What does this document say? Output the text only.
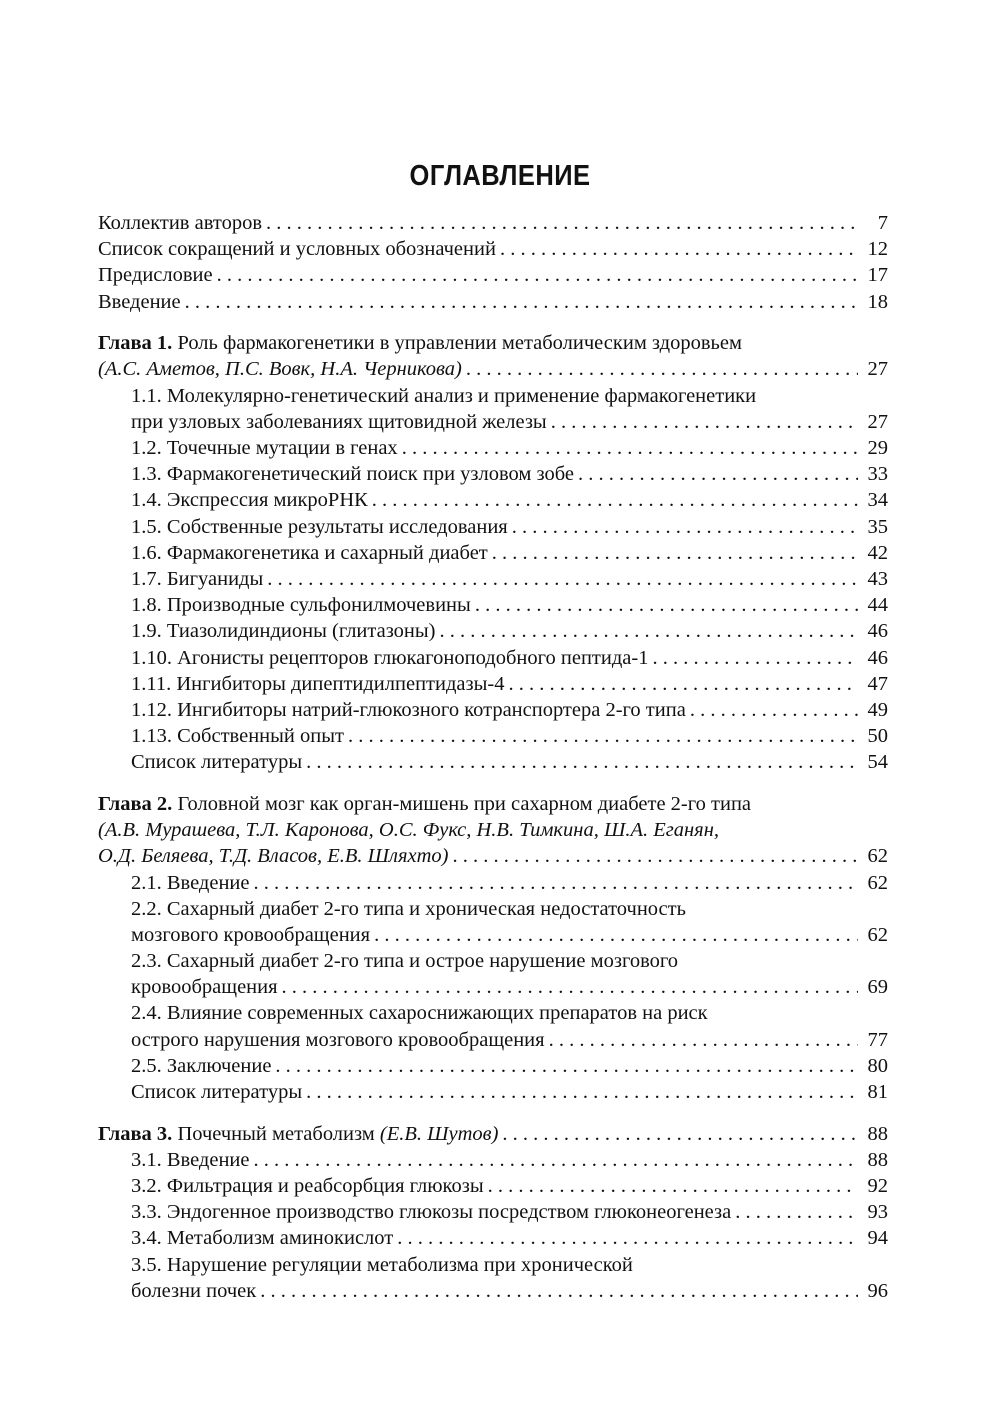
ОГЛАВЛЕНИЕ
Коллектив авторов . . .	7
Список сокращений и условных обозначений . . .	12
Предисловие . . .	17
Введение . . .	18
Глава 1. Роль фармакогенетики в управлении метаболическим здоровьем
(А.С. Аметов, П.С. Вовк, Н.А. Черникова) . . .	27
1.1. Молекулярно-генетический анализ и применение фармакогенетики
при узловых заболеваниях щитовидной железы . . .	27
1.2. Точечные мутации в генах . . .	29
1.3. Фармакогенетический поиск при узловом зобе . . .	33
1.4. Экспрессия микроРНК . . .	34
1.5. Собственные результаты исследования . . .	35
1.6. Фармакогенетика и сахарный диабет . . .	42
1.7. Бигуаниды . . .	43
1.8. Производные сульфонилмочевины . . .	44
1.9. Тиазолидиндионы (глитазоны) . . .	46
1.10. Агонисты рецепторов глюкагоноподобного пептида-1 . . .	46
1.11. Ингибиторы дипептидилпептидазы-4 . . .	47
1.12. Ингибиторы натрий-глюкозного котранспортера 2-го типа . . .	49
1.13. Собственный опыт . . .	50
Список литературы . . .	54
Глава 2. Головной мозг как орган-мишень при сахарном диабете 2-го типа
(А.В. Мурашева, Т.Л. Каронова, О.С. Фукс, Н.В. Тимкина, Ш.А. Еганян,
О.Д. Беляева, Т.Д. Власов, Е.В. Шляхто) . . .	62
2.1. Введение . . .	62
2.2. Сахарный диабет 2-го типа и хроническая недостаточность
мозгового кровообращения . . .	62
2.3. Сахарный диабет 2-го типа и острое нарушение мозгового
кровообращения . . .	69
2.4. Влияние современных сахароснижающих препаратов на риск
острого нарушения мозгового кровообращения . . .	77
2.5. Заключение . . .	80
Список литературы . . .	81
Глава 3. Почечный метаболизм (Е.В. Шутов) . . .	88
3.1. Введение . . .	88
3.2. Фильтрация и реабсорбция глюкозы . . .	92
3.3. Эндогенное производство глюкозы посредством глюконеогенеза . . .	93
3.4. Метаболизм аминокислот . . .	94
3.5. Нарушение регуляции метаболизма при хронической
болезни почек . . .	96
